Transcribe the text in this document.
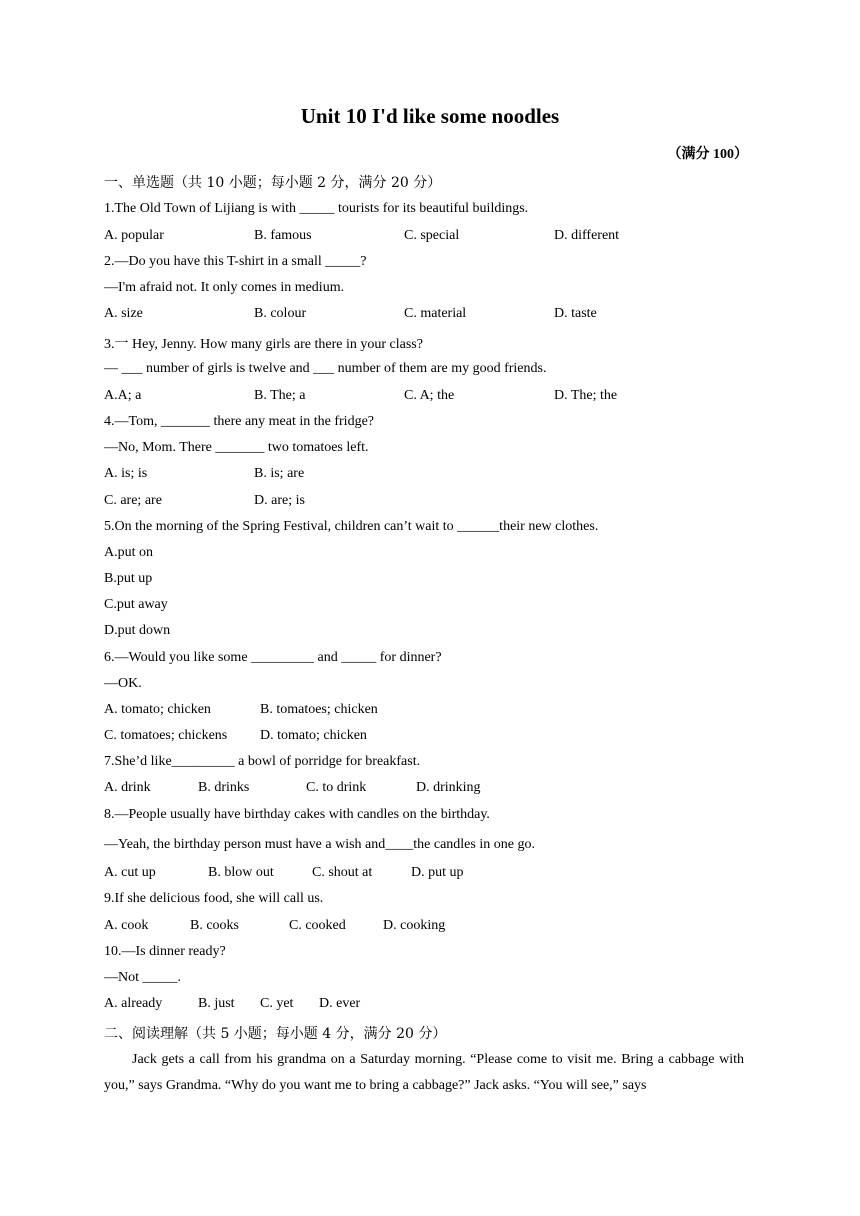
Unit 10 I'd like some noodles
（满分 100）
一、单选题（共 10 小题；每小题 2 分，满分 20 分）
1.The Old Town of Lijiang is with _____ tourists for its beautiful buildings.
A. popular	B. famous	C. special	D. different
2.—Do you have this T-shirt in a small _____?
—I'm afraid not. It only comes in medium.
A. size	B. colour	C. material	D. taste
3.一 Hey, Jenny. How many girls are there in your class?
— ___ number of girls is twelve and ___ number of them are my good friends.
A.A; a	B. The; a	C. A; the	D. The; the
4.—Tom, _______ there any meat in the fridge?
—No, Mom. There _______ two tomatoes left.
A. is; is	B. is; are
C. are; are	D. are; is
5.On the morning of the Spring Festival, children can’t wait to ______their new clothes.
A.put on
B.put up
C.put away
D.put down
6.—Would you like some _________ and _____ for dinner?
—OK.
A. tomato; chicken	B. tomatoes; chicken
C. tomatoes; chickens D. tomato; chicken
7.She’d like_________ a bowl of porridge for breakfast.
A. drink	B. drinks	C. to drink	D. drinking
8.—People usually have birthday cakes with candles on the birthday.
—Yeah, the birthday person must have a wish and____the candles in one go.
A. cut up	B. blow out	C. shout at	D. put up
9.If she delicious food, she will call us.
A. cook	B. cooks	C. cooked	D. cooking
10.—Is dinner ready?
—Not _____.
A. already	B. just C. yet D. ever
二、阅读理解（共 5 小题；每小题 4 分，满分 20 分）
Jack gets a call from his grandma on a Saturday morning. “Please come to visit me. Bring a cabbage with you,” says Grandma. “Why do you want me to bring a cabbage?” Jack asks. “You will see,” says
